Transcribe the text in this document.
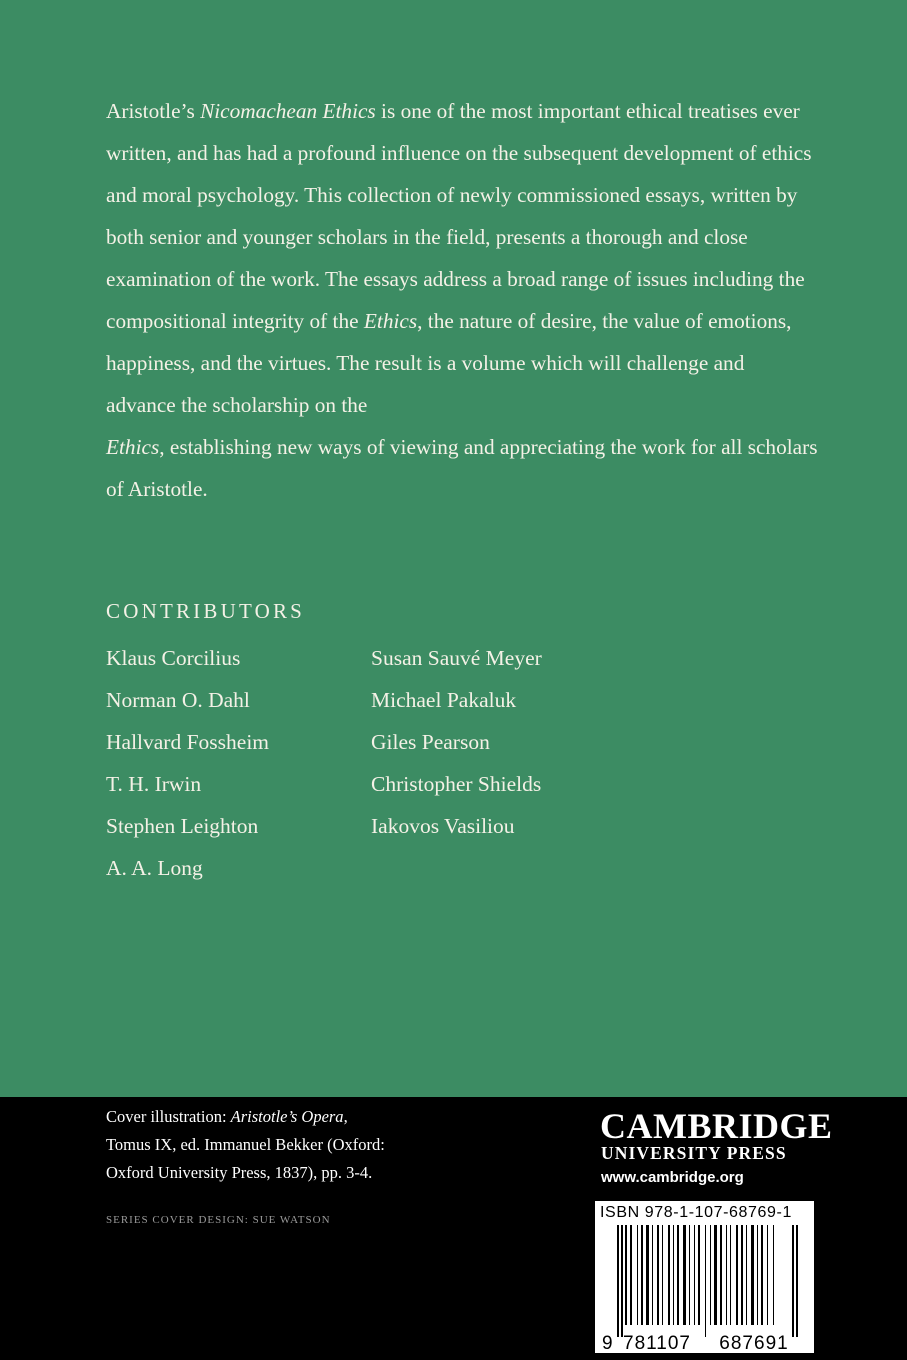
Aristotle’s Nicomachean Ethics is one of the most important ethical treatises ever written, and has had a profound influence on the subsequent development of ethics and moral psychology. This collection of newly commissioned essays, written by both senior and younger scholars in the field, presents a thorough and close examination of the work. The essays address a broad range of issues including the compositional integrity of the Ethics, the nature of desire, the value of emotions, happiness, and the virtues. The result is a volume which will challenge and advance the scholarship on the
Ethics, establishing new ways of viewing and appreciating the work for all scholars of Aristotle.

CONTRIBUTORS
Klaus Corcilius
Norman O. Dahl
Hallvard Fossheim
T. H. Irwin
Stephen Leighton
A. A. Long
Susan Sauvé Meyer
Michael Pakaluk
Giles Pearson
Christopher Shields
Iakovos Vasiliou
Cover illustration: Aristotle’s Opera,
Tomus IX, ed. Immanuel Bekker (Oxford:
Oxford University Press, 1837), pp. 3-4.
SERIES COVER DESIGN: SUE WATSON
CAMBRIDGE
UNIVERSITY PRESS
www.cambridge.org
ISBN 978-1-107-68769-1
9 781107 687691
